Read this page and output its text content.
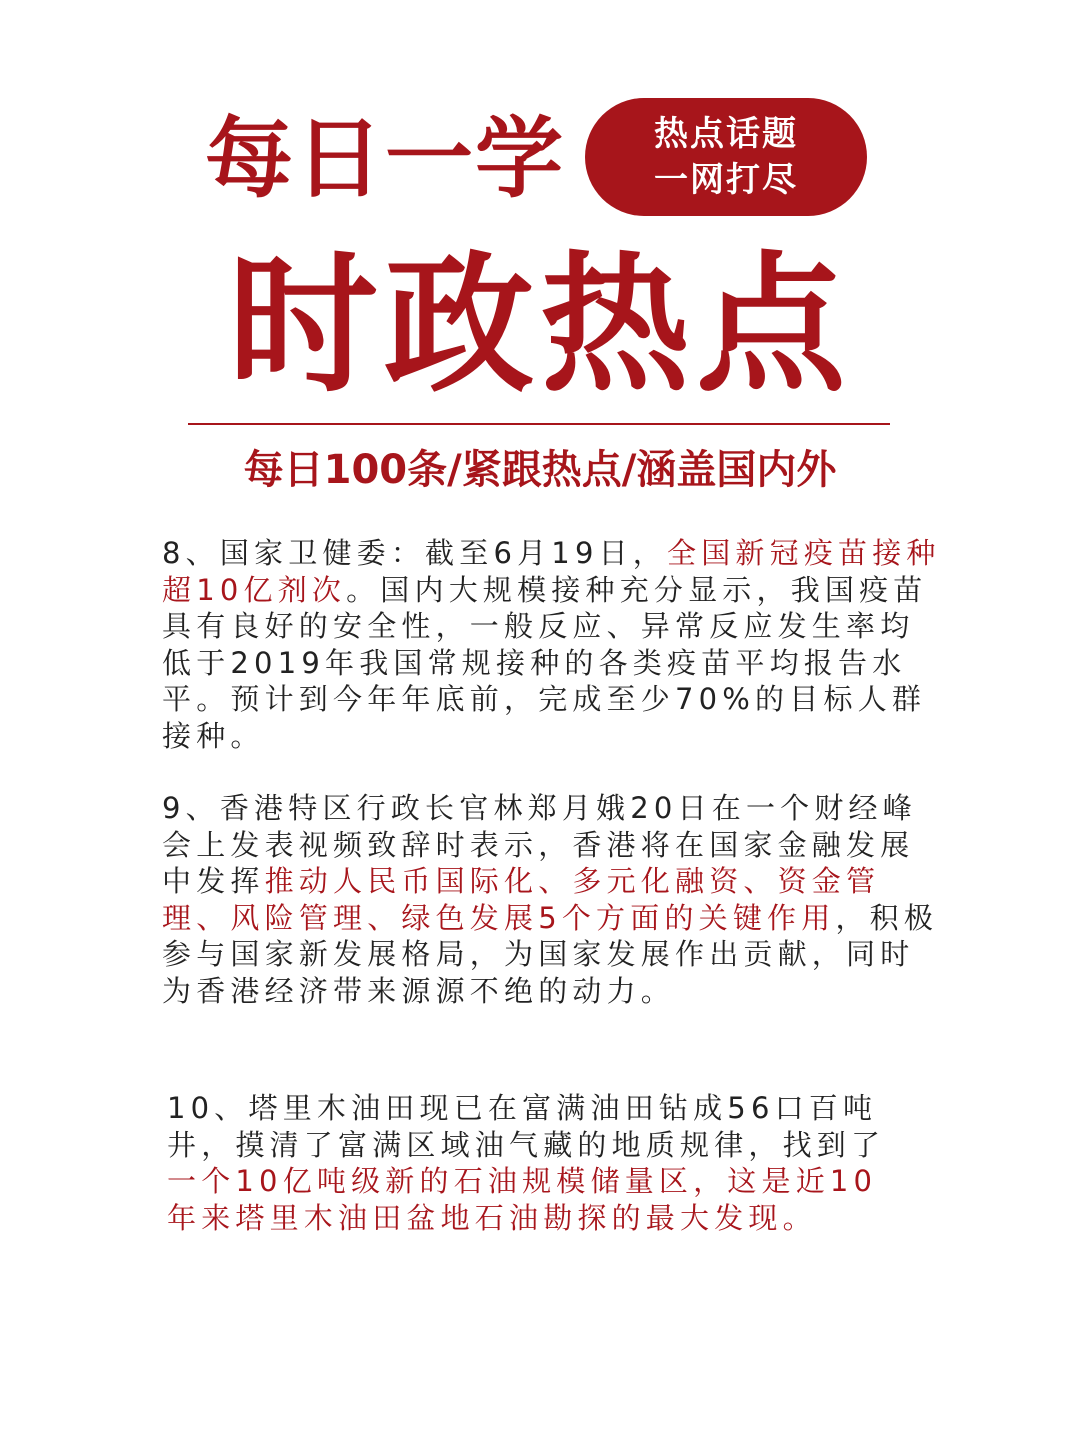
每日一学	热点话题
一网打尽
时政热点
每日100条/紧跟热点/涵盖国内外

8、国家卫健委：截至6月19日，全国新冠疫苗接种超10亿剂次。国内大规模接种充分显示，我国疫苗具有良好的安全性，一般反应、异常反应发生率均低于2019年我国常规接种的各类疫苗平均报告水平。预计到今年年底前，完成至少70%的目标人群接种。

9、香港特区行政长官林郑月娥20日在一个财经峰会上发表视频致辞时表示，香港将在国家金融发展中发挥推动人民币国际化、多元化融资、资金管理、风险管理、绿色发展5个方面的关键作用，积极参与国家新发展格局，为国家发展作出贡献，同时为香港经济带来源源不绝的动力。

10、塔里木油田现已在富满油田钻成56口百吨井，摸清了富满区域油气藏的地质规律，找到了一个10亿吨级新的石油规模储量区，这是近10年来塔里木油田盆地石油勘探的最大发现。
